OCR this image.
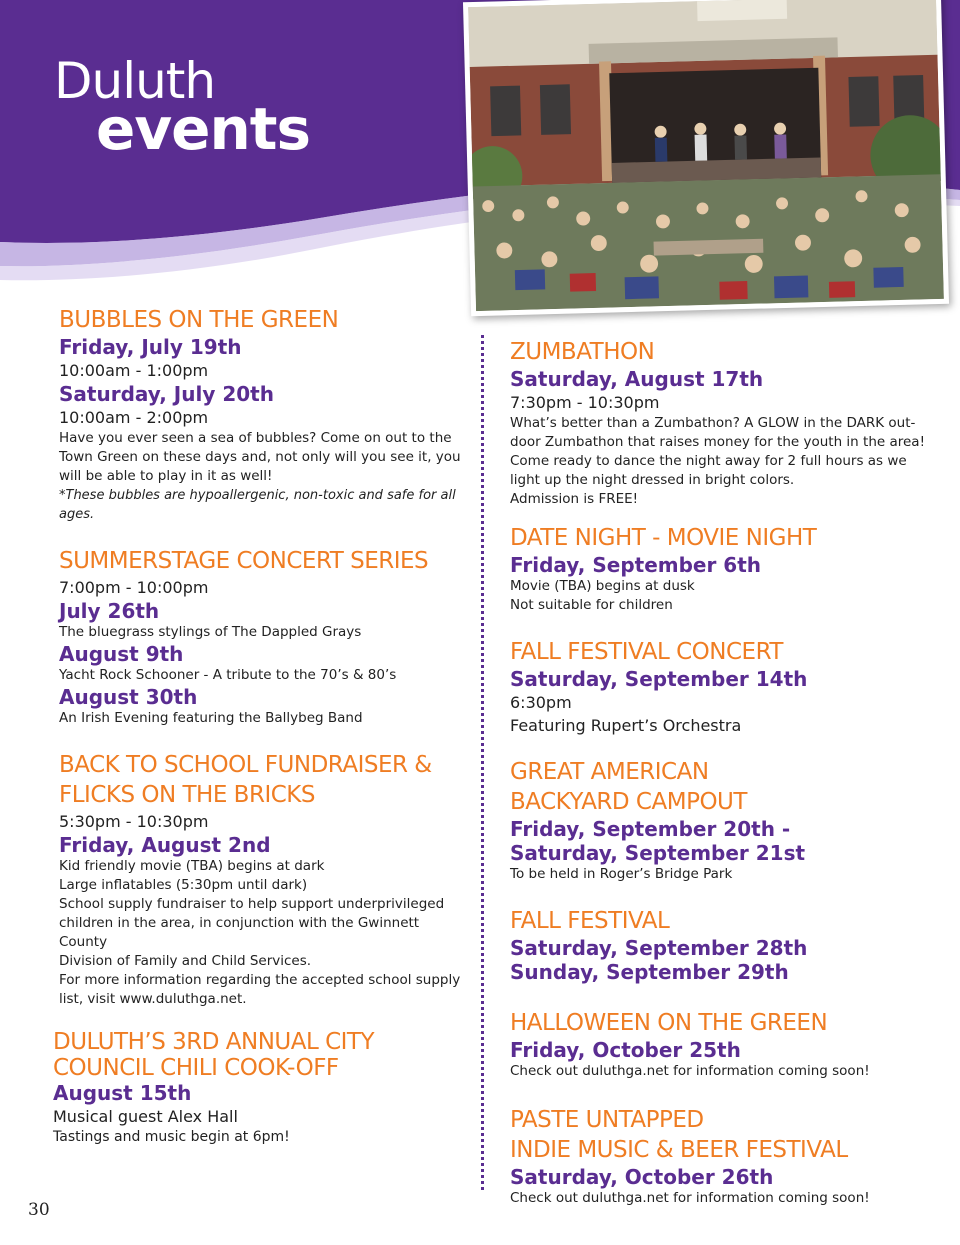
Duluth
events
BUBBLES ON THE GREEN
Friday, July 19th
10:00am - 1:00pm
Saturday, July 20th
10:00am - 2:00pm
Have you ever seen a sea of bubbles? Come on out to the
Town Green on these days and, not only will you see it, you
will be able to play in it as well!
*These bubbles are hypoallergenic, non-toxic and safe for all ages.
SUMMERSTAGE CONCERT SERIES
7:00pm - 10:00pm
July 26th
The bluegrass stylings of The Dappled Grays
August 9th
Yacht Rock Schooner - A tribute to the 70’s & 80’s
August 30th
An Irish Evening featuring the Ballybeg Band
BACK TO SCHOOL FUNDRAISER &
FLICKS ON THE BRICKS
5:30pm - 10:30pm
Friday, August 2nd
Kid friendly movie (TBA) begins at dark
Large inflatables (5:30pm until dark)
School supply fundraiser to help support underprivileged
children in the area, in conjunction with the Gwinnett County
Division of Family and Child Services.
For more information regarding the accepted school supply
list, visit www.duluthga.net.
DULUTH’S 3RD ANNUAL CITY
COUNCIL CHILI COOK-OFF
August 15th
Musical guest Alex Hall
Tastings and music begin at 6pm!
ZUMBATHON
Saturday, August 17th
7:30pm - 10:30pm
What’s better than a Zumbathon? A GLOW in the DARK out-
door Zumbathon that raises money for the youth in the area!
Come ready to dance the night away for 2 full hours as we
light up the night dressed in bright colors.
Admission is FREE!
DATE NIGHT - MOVIE NIGHT
Friday, September 6th
Movie (TBA) begins at dusk
Not suitable for children
FALL FESTIVAL CONCERT
Saturday, September 14th
6:30pm
Featuring Rupert’s Orchestra
GREAT AMERICAN
BACKYARD CAMPOUT
Friday, September 20th -
Saturday, September 21st
To be held in Roger’s Bridge Park
FALL FESTIVAL
Saturday, September 28th
Sunday, September 29th
HALLOWEEN ON THE GREEN
Friday, October 25th
Check out duluthga.net for information coming soon!
PASTE UNTAPPED
INDIE MUSIC & BEER FESTIVAL
Saturday, October 26th
Check out duluthga.net for information coming soon!
30
